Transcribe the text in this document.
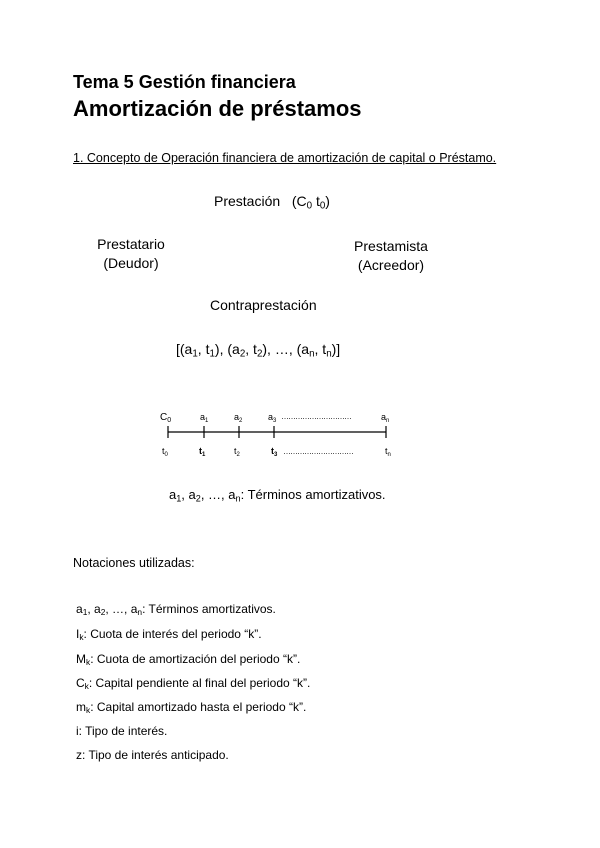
Tema 5 Gestión financiera
Amortización de préstamos
1. Concepto de Operación financiera de amortización de capital o Préstamo.
Prestación ($C_0$ $t_0$)
Prestatario
(Deudor)
Prestamista
(Acreedor)
Contraprestación
[($a_1$, $t_1$), ($a_2$, $t_2$), …, ($a_n$, $t_n$)]
$C_0$	$a_1$	$a_2$	$a_3$ …………………………	$a_n$
$t_0$	$t_1$	$t_2$	$t_3$ …………………………	$t_n$
$a_1$, $a_2$, …, $a_n$: Términos amortizativos.
Notaciones utilizadas:
$a_1$, $a_2$, …, $a_n$: Términos amortizativos.
$I_k$: Cuota de interés del periodo “k”.
$M_k$: Cuota de amortización del periodo “k”.
$C_k$: Capital pendiente al final del periodo “k”.
$m_k$: Capital amortizado hasta el periodo “k”.
i: Tipo de interés.
z: Tipo de interés anticipado.
